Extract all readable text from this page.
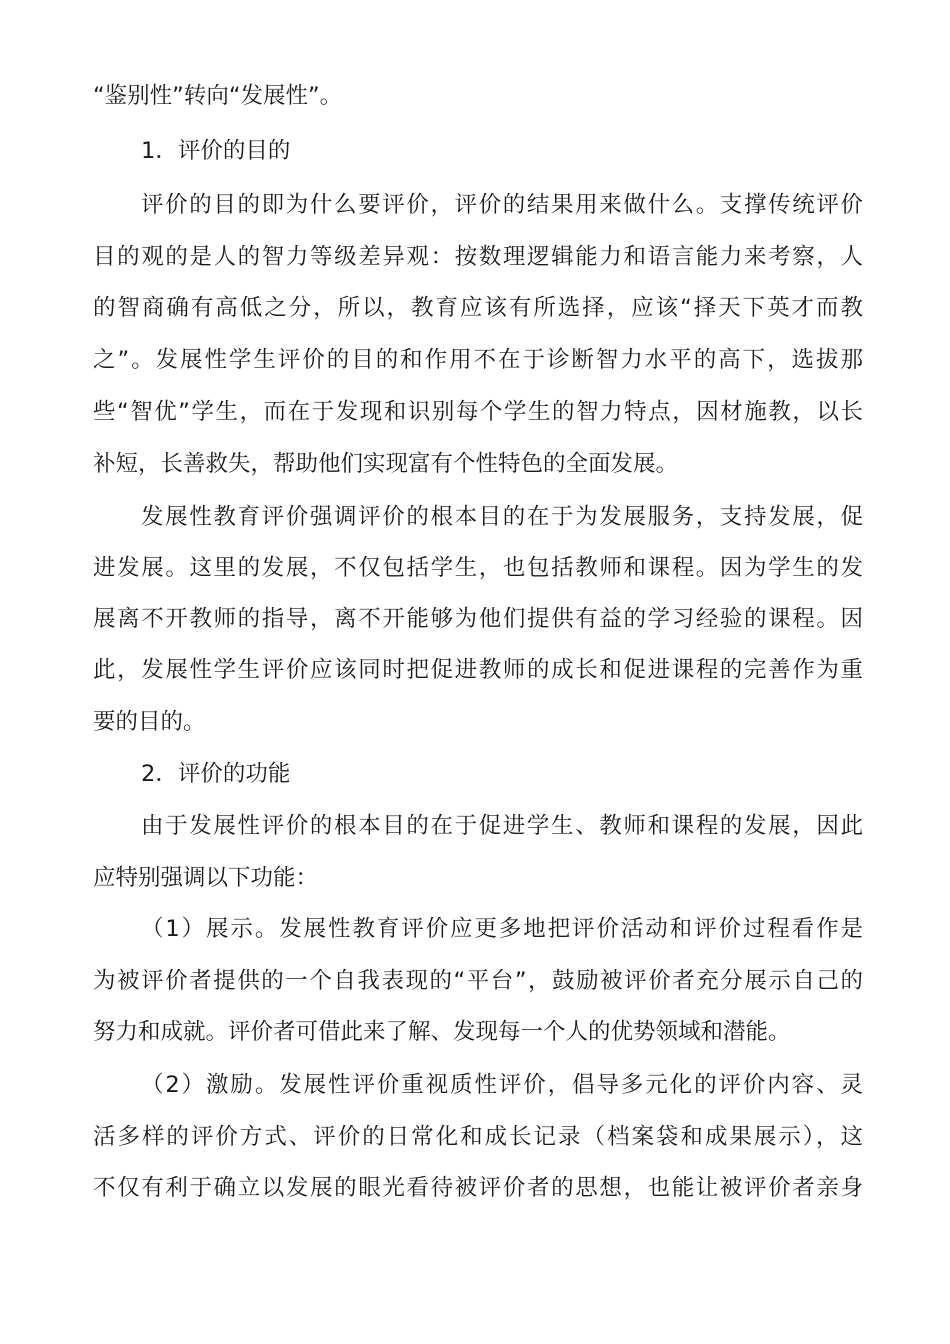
“鉴别性”转向“发展性”。
1．评价的目的
评价的目的即为什么要评价，评价的结果用来做什么。支撑传统评价
目的观的是人的智力等级差异观：按数理逻辑能力和语言能力来考察，人
的智商确有高低之分，所以，教育应该有所选择，应该“择天下英才而教
之”。发展性学生评价的目的和作用不在于诊断智力水平的高下，选拔那
些“智优”学生，而在于发现和识别每个学生的智力特点，因材施教，以长
补短，长善救失，帮助他们实现富有个性特色的全面发展。
发展性教育评价强调评价的根本目的在于为发展服务，支持发展，促
进发展。这里的发展，不仅包括学生，也包括教师和课程。因为学生的发
展离不开教师的指导，离不开能够为他们提供有益的学习经验的课程。因
此，发展性学生评价应该同时把促进教师的成长和促进课程的完善作为重
要的目的。
2．评价的功能
由于发展性评价的根本目的在于促进学生、教师和课程的发展，因此
应特别强调以下功能：
（1）展示。发展性教育评价应更多地把评价活动和评价过程看作是
为被评价者提供的一个自我表现的“平台”，鼓励被评价者充分展示自己的
努力和成就。评价者可借此来了解、发现每一个人的优势领域和潜能。
（2）激励。发展性评价重视质性评价，倡导多元化的评价内容、灵
活多样的评价方式、评价的日常化和成长记录（档案袋和成果展示），这
不仅有利于确立以发展的眼光看待被评价者的思想，也能让被评价者亲身
